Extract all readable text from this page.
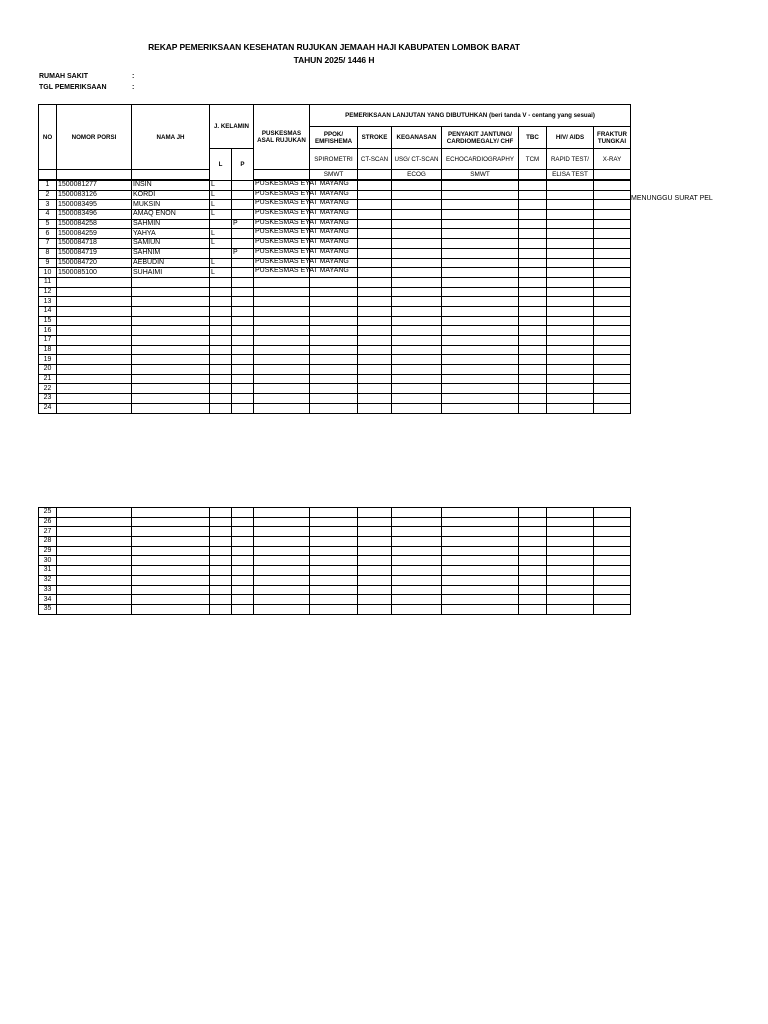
REKAP PEMERIKSAAN KESEHATAN RUJUKAN JEMAAH HAJI KABUPATEN LOMBOK BARAT
TAHUN 2025/ 1446 H
RUMAH SAKIT	:
TGL PEMERIKSAAN	:
NO	NOMOR PORSI	NAMA JH	J. KELAMIN		PUSKESMAS ASAL RUJUKAN	PEMERIKSAAN LANJUTAN YANG DIBUTUHKAN (beri tanda V - centang yang sesuai)						
						PPOK/ EMFISHEMA	STROKE	KEGANASAN	PENYAKIT JANTUNG/ CARDIOMEGALY/ CHF	TBC	HIV/ AIDS	FRAKTUR TUNGKAI
			L	P		SPIROMETRI	CT-SCAN	USG/ CT-SCAN	ECHOCARDIOGRAPHY	TCM	RAPID TEST/	X-RAY
						SMWT		ECOG	SMWT		ELISA TEST	
1	1500081277	INSIN	L		PUSKESMAS EYAT MAYANG							

2	1500083126	KORDI	L		PUSKESMAS EYAT MAYANG							

3	1500083495	MUKSIN	L		PUSKESMAS EYAT MAYANG							

4	1500083496	AMAQ ENON	L		PUSKESMAS EYAT MAYANG							

5	1500084258	SAHMIN		P	PUSKESMAS EYAT MAYANG							

6	1500084259	YAHYA	L		PUSKESMAS EYAT MAYANG							

7	1500084718	SAMIUN	L		PUSKESMAS EYAT MAYANG							

8	1500084719	SAHNIM		P	PUSKESMAS EYAT MAYANG							

9	1500084720	AEBUDIN	L		PUSKESMAS EYAT MAYANG							

10	1500085100	SUHAIMI	L		PUSKESMAS EYAT MAYANG							

11												
12												
13												
14												
15												
16												
17												
18												
19												
20												
21												
22												
23												
24												
MENUNGGU SURAT PEL
25												
26												
27												
28												
29												
30												
31												
32												
33												
34												
35												
